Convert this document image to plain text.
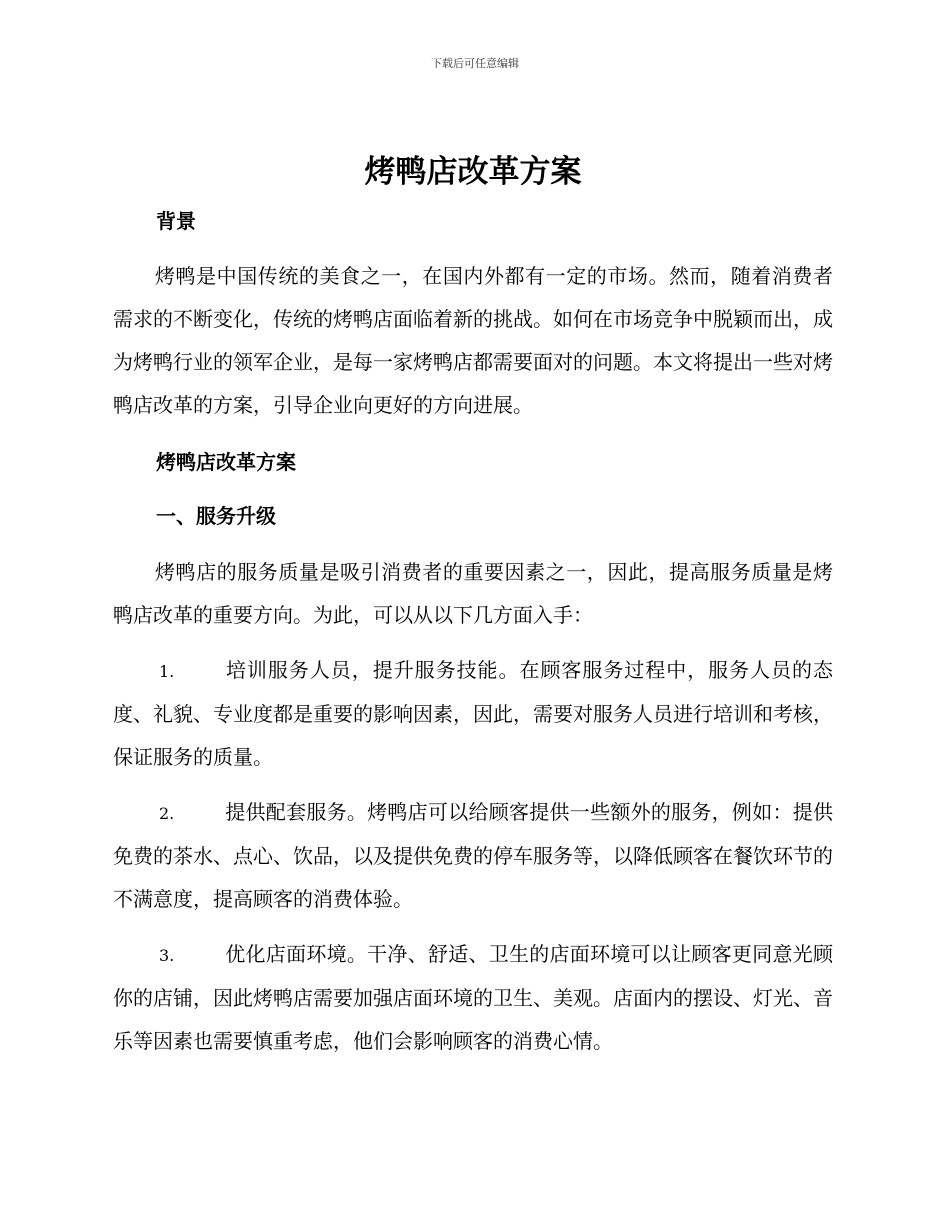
下载后可任意编辑
烤鸭店改革方案

背景

烤鸭是中国传统的美食之一，在国内外都有一定的市场。然而，随着消费者需求的不断变化，传统的烤鸭店面临着新的挑战。如何在市场竞争中脱颖而出，成为烤鸭行业的领军企业，是每一家烤鸭店都需要面对的问题。本文将提出一些对烤鸭店改革的方案，引导企业向更好的方向进展。

烤鸭店改革方案

一、服务升级

烤鸭店的服务质量是吸引消费者的重要因素之一，因此，提高服务质量是烤鸭店改革的重要方向。为此，可以从以下几方面入手：

1.	培训服务人员，提升服务技能。在顾客服务过程中，服务人员的态度、礼貌、专业度都是重要的影响因素，因此，需要对服务人员进行培训和考核，保证服务的质量。

2.	提供配套服务。烤鸭店可以给顾客提供一些额外的服务，例如：提供免费的茶水、点心、饮品，以及提供免费的停车服务等，以降低顾客在餐饮环节的不满意度，提高顾客的消费体验。

3.	优化店面环境。干净、舒适、卫生的店面环境可以让顾客更同意光顾你的店铺，因此烤鸭店需要加强店面环境的卫生、美观。店面内的摆设、灯光、音乐等因素也需要慎重考虑，他们会影响顾客的消费心情。
